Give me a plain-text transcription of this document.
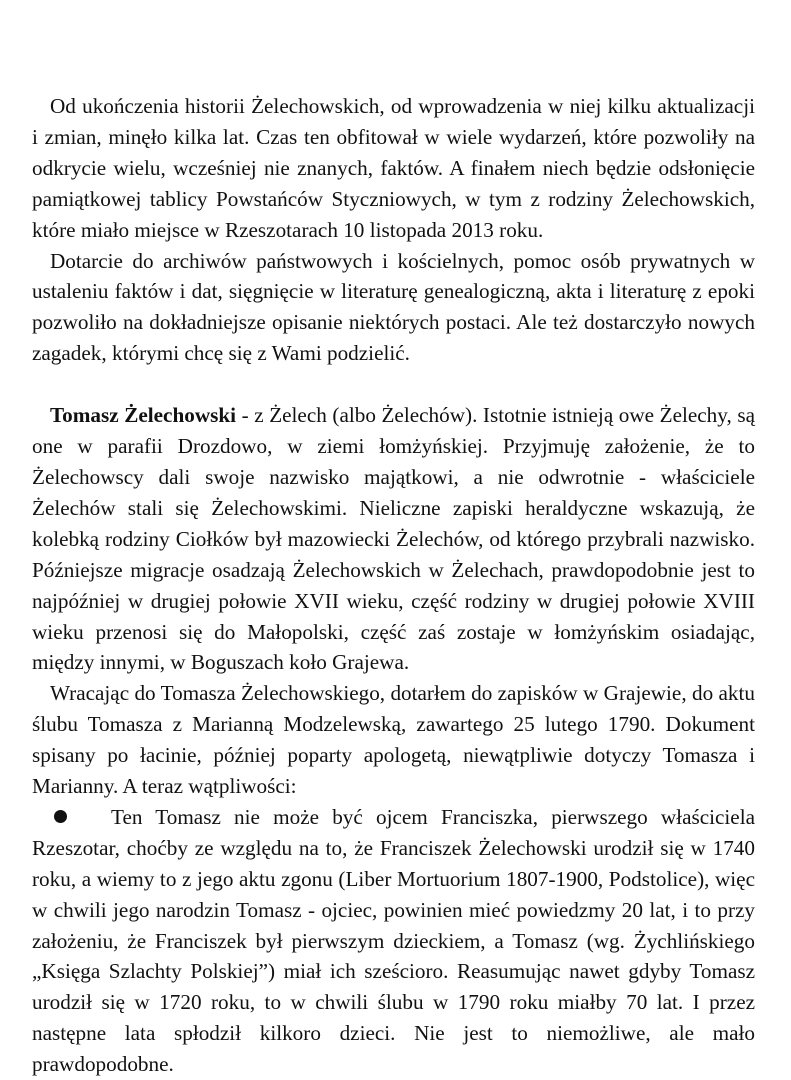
Od ukończenia historii Żelechowskich, od wprowadzenia w niej kilku aktualizacji i zmian, minęło kilka lat. Czas ten obfitował w wiele wydarzeń, które pozwoliły na odkrycie wielu, wcześniej nie znanych, faktów. A finałem niech będzie odsłonięcie pamiątkowej tablicy Powstańców Styczniowych, w tym z rodziny Żelechowskich, które miało miejsce w Rzeszotarach 10 listopada 2013 roku.

Dotarcie do archiwów państwowych i kościelnych, pomoc osób prywatnych w ustaleniu faktów i dat, sięgnięcie w literaturę genealogiczną, akta i literaturę z epoki pozwoliło na dokładniejsze opisanie niektórych postaci. Ale też dostarczyło nowych zagadek, którymi chcę się z Wami podzielić.

Tomasz Żelechowski - z Żelech (albo Żelechów). Istotnie istnieją owe Żelechy, są one w parafii Drozdowo, w ziemi łomżyńskiej. Przyjmuję założenie, że to Żelechowscy dali swoje nazwisko majątkowi, a nie odwrotnie - właściciele Żelechów stali się Żelechowskimi. Nieliczne zapiski heraldyczne wskazują, że kolebką rodziny Ciołków był mazowiecki Żelechów, od którego przybrali nazwisko. Późniejsze migracje osadzają Żelechowskich w Żelechach, prawdopodobnie jest to najpóźniej w drugiej połowie XVII wieku, część rodziny w drugiej połowie XVIII wieku przenosi się do Małopolski, część zaś zostaje w łomżyńskim osiadając, między innymi, w Boguszach koło Grajewa.

Wracając do Tomasza Żelechowskiego, dotarłem do zapisków w Grajewie, do aktu ślubu Tomasza z Marianną Modzelewską, zawartego 25 lutego 1790. Dokument spisany po łacinie, później poparty apologetą, niewątpliwie dotyczy Tomasza i Marianny. A teraz wątpliwości:

Ten Tomasz nie może być ojcem Franciszka, pierwszego właściciela Rzeszotar, choćby ze względu na to, że Franciszek Żelechowski urodził się w 1740 roku, a wiemy to z jego aktu zgonu (Liber Mortuorium 1807-1900, Podstolice), więc w chwili jego narodzin Tomasz - ojciec, powinien mieć powiedzmy 20 lat, i to przy założeniu, że Franciszek był pierwszym dzieckiem, a Tomasz (wg. Żychlińskiego „Księga Szlachty Polskiej”) miał ich sześcioro. Reasumując nawet gdyby Tomasz urodził się w 1720 roku, to w chwili ślubu w 1790 roku miałby 70 lat. I przez następne lata spłodził kilkoro dzieci. Nie jest to niemożliwe, ale mało prawdopodobne.
